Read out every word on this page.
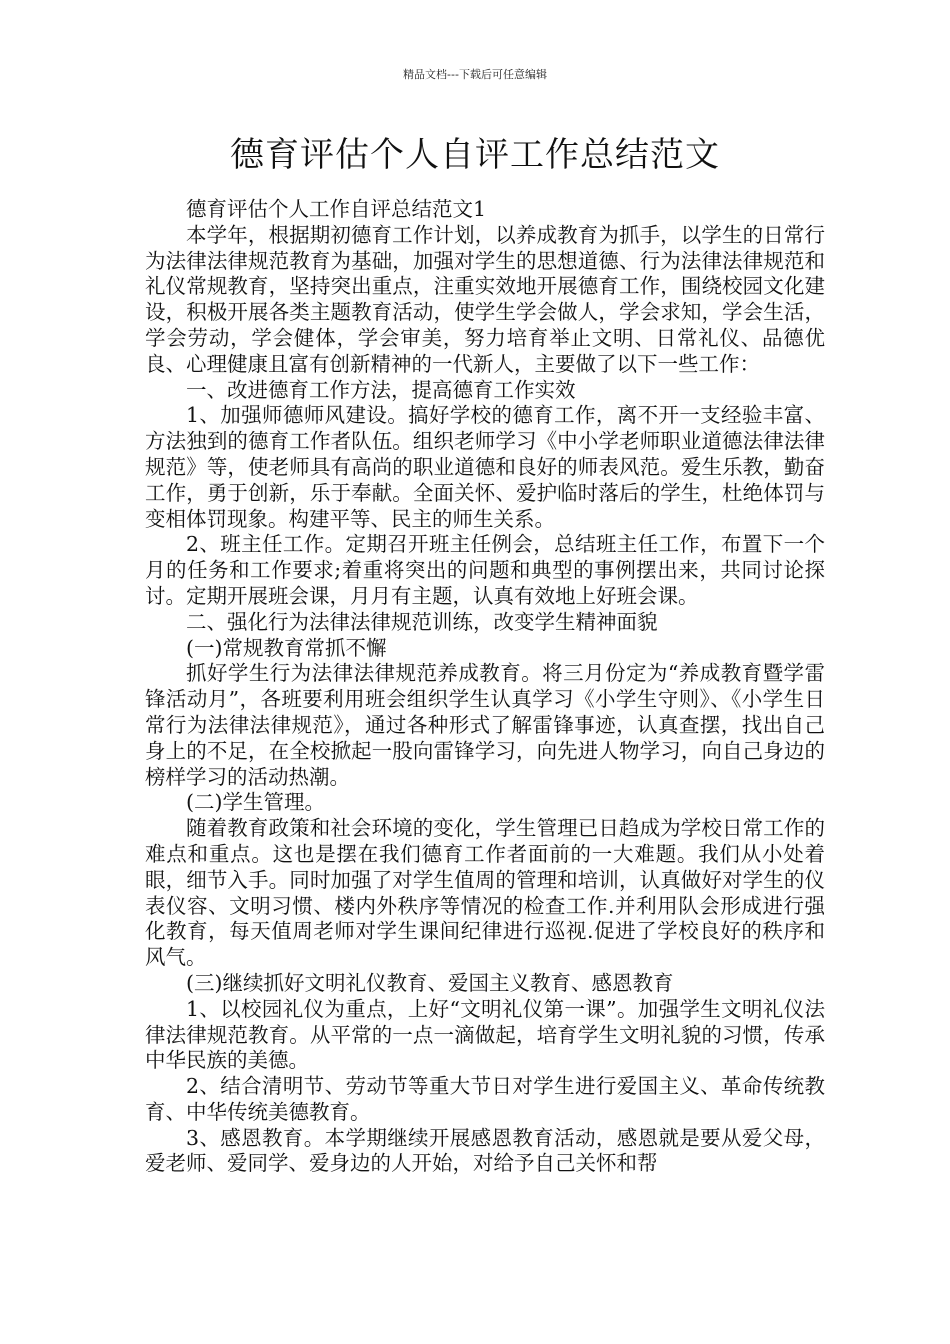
精品文档---下载后可任意编辑
德育评估个人自评工作总结范文

德育评估个人工作自评总结范文1

本学年，根据期初德育工作计划，以养成教育为抓手，以学生的日常行为法律法律规范教育为基础，加强对学生的思想道德、行为法律法律规范和礼仪常规教育，坚持突出重点，注重实效地开展德育工作，围绕校园文化建设，积极开展各类主题教育活动，使学生学会做人，学会求知，学会生活，学会劳动，学会健体，学会审美，努力培育举止文明、日常礼仪、品德优良、心理健康且富有创新精神的一代新人，主要做了以下一些工作：

一、改进德育工作方法，提高德育工作实效

1、加强师德师风建设。搞好学校的德育工作，离不开一支经验丰富、方法独到的德育工作者队伍。组织老师学习《中小学老师职业道德法律法律规范》等，使老师具有高尚的职业道德和良好的师表风范。爱生乐教，勤奋工作，勇于创新，乐于奉献。全面关怀、爱护临时落后的学生，杜绝体罚与变相体罚现象。构建平等、民主的师生关系。

2、班主任工作。定期召开班主任例会，总结班主任工作，布置下一个月的任务和工作要求;着重将突出的问题和典型的事例摆出来，共同讨论探讨。定期开展班会课，月月有主题，认真有效地上好班会课。

二、强化行为法律法律规范训练，改变学生精神面貌

(一)常规教育常抓不懈

抓好学生行为法律法律规范养成教育。将三月份定为“养成教育暨学雷锋活动月”，各班要利用班会组织学生认真学习《小学生守则》、《小学生日常行为法律法律规范》，通过各种形式了解雷锋事迹，认真查摆，找出自己身上的不足，在全校掀起一股向雷锋学习，向先进人物学习，向自己身边的榜样学习的活动热潮。

(二)学生管理。

随着教育政策和社会环境的变化，学生管理已日趋成为学校日常工作的难点和重点。这也是摆在我们德育工作者面前的一大难题。我们从小处着眼，细节入手。同时加强了对学生值周的管理和培训，认真做好对学生的仪表仪容、文明习惯、楼内外秩序等情况的检查工作.并利用队会形成进行强化教育，每天值周老师对学生课间纪律进行巡视.促进了学校良好的秩序和风气。

(三)继续抓好文明礼仪教育、爱国主义教育、感恩教育

1、以校园礼仪为重点，上好“文明礼仪第一课”。加强学生文明礼仪法律法律规范教育。从平常的一点一滴做起，培育学生文明礼貌的习惯，传承中华民族的美德。

2、结合清明节、劳动节等重大节日对学生进行爱国主义、革命传统教育、中华传统美德教育。

3、感恩教育。本学期继续开展感恩教育活动，感恩就是要从爱父母，爱老师、爱同学、爱身边的人开始，对给予自己关怀和帮
